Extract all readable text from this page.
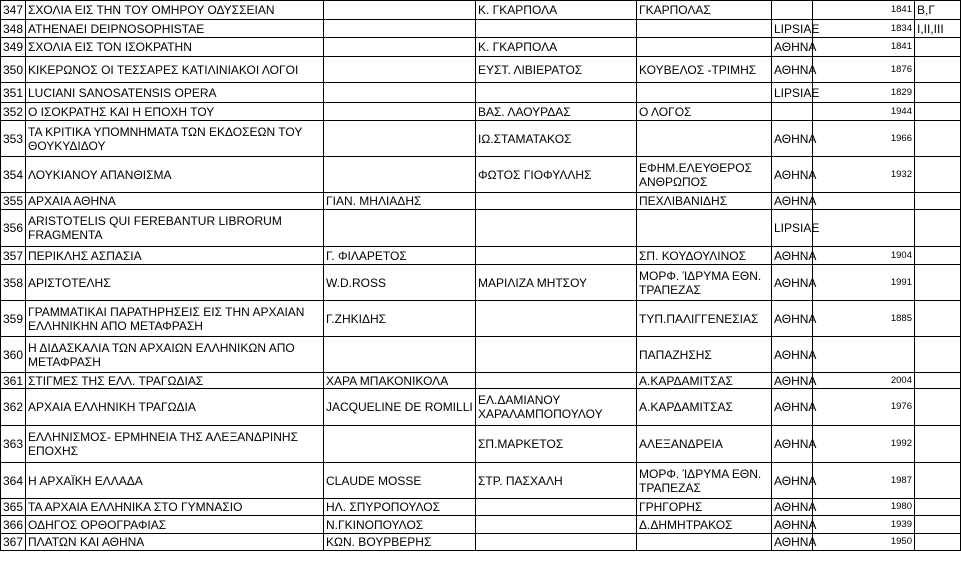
347	ΣΧΟΛΙΑ ΕΙΣ ΤΗΝ ΤΟΥ ΟΜΗΡΟΥ ΟΔΥΣΣΕΙΑΝ		Κ. ΓΚΑΡΠΟΛΑ	ΓΚΑΡΠΟΛΑΣ		1841	Β,Γ
348	ATHENAEI DEIPNOSOPHISTAE				LIPSIAE	1834	I,II,III
349	ΣΧΟΛΙΑ ΕΙΣ ΤΟΝ ΙΣΟΚΡΑΤΗΝ		Κ. ΓΚΑΡΠΟΛΑ		ΑΘΗΝΑ	1841	
350	ΚΙΚΕΡΩΝΟΣ ΟΙ ΤΕΣΣΑΡΕΣ ΚΑΤΙΛΙΝΙΑΚΟΙ ΛΟΓΟΙ		ΕΥΣΤ. ΛΙΒΙΕΡΑΤΟΣ	ΚΟΥΒΕΛΟΣ -ΤΡΙΜΗΣ	ΑΘΗΝΑ	1876	
351	LUCIANI SANOSATENSIS OPERA				LIPSIAE	1829	
352	Ο ΙΣΟΚΡΑΤΗΣ ΚΑΙ Η ΕΠΟΧΗ ΤΟΥ		ΒΑΣ. ΛΑΟΥΡΔΑΣ	Ο ΛΟΓΟΣ		1944	
353	ΤΑ ΚΡΙΤΙΚΑ ΥΠΟΜΝΗΜΑΤΑ ΤΩΝ ΕΚΔΟΣΕΩΝ ΤΟΥ ΘΟΥΚΥΔΙΔΟΥ		ΙΩ.ΣΤΑΜΑΤΑΚΟΣ		ΑΘΗΝΑ	1966	
354	ΛΟΥΚΙΑΝΟΥ ΑΠΑΝΘΙΣΜΑ		ΦΩΤΟΣ ΓΙΟΦΥΛΛΗΣ	ΕΦΗΜ.ΕΛΕΥΘΕΡΟΣ ΑΝΘΡΩΠΟΣ	ΑΘΗΝΑ	1932	
355	ΑΡΧΑΙΑ ΑΘΗΝΑ	ΓΙΑΝ. ΜΗΛΙΑΔΗΣ		ΠΕΧΛΙΒΑΝΙΔΗΣ	ΑΘΗΝΑ		
356	ARISTOTELIS QUI FEREBANTUR LIBRORUM FRAGMENTA				LIPSIAE		
357	ΠΕΡΙΚΛΗΣ ΑΣΠΑΣΙΑ	Γ. ΦΙΛΑΡΕΤΟΣ		ΣΠ. ΚΟΥΔΟΥΛΙΝΟΣ	ΑΘΗΝΑ	1904	
358	ΑΡΙΣΤΟΤΕΛΗΣ	W.D.ROSS	ΜΑΡΙΛΙΖΑ ΜΗΤΣΟΥ	ΜΟΡΦ. ΊΔΡΥΜΑ ΕΘΝ. ΤΡΑΠΕΖΑΣ	ΑΘΗΝΑ	1991	
359	ΓΡΑΜΜΑΤΙΚΑΙ ΠΑΡΑΤΗΡΗΣΕΙΣ ΕΙΣ ΤΗΝ ΑΡΧΑΙΑΝ ΕΛΛΗΝΙΚΗΝ ΑΠΟ ΜΕΤΑΦΡΑΣΗ	Γ.ΖΗΚΙΔΗΣ		ΤΥΠ.ΠΑΛΙΓΓΕΝΕΣΙΑΣ	ΑΘΗΝΑ	1885	
360	Η ΔΙΔΑΣΚΑΛΙΑ ΤΩΝ ΑΡΧΑΙΩΝ ΕΛΛΗΝΙΚΩΝ ΑΠΟ ΜΕΤΑΦΡΑΣΗ			ΠΑΠΑΖΗΣΗΣ	ΑΘΗΝΑ		
361	ΣΤΙΓΜΕΣ ΤΗΣ ΕΛΛ. ΤΡΑΓΩΔΙΑΣ	ΧΑΡΑ ΜΠΑΚΟΝΙΚΟΛΑ		Α.ΚΑΡΔΑΜΙΤΣΑΣ	ΑΘΗΝΑ	2004	
362	ΑΡΧΑΙΑ ΕΛΛΗΝΙΚΗ ΤΡΑΓΩΔΙΑ	JACQUELINE DE ROMILLI	ΕΛ.ΔΑΜΙΑΝΟΥ ΧΑΡΑΛΑΜΠΟΠΟΥΛΟΥ	Α.ΚΑΡΔΑΜΙΤΣΑΣ	ΑΘΗΝΑ	1976	
363	ΕΛΛΗΝΙΣΜΟΣ- ΕΡΜΗΝΕΙΑ ΤΗΣ ΑΛΕΞΑΝΔΡΙΝΗΣ ΕΠΟΧΗΣ		ΣΠ.ΜΑΡΚΕΤΟΣ	ΑΛΕΞΑΝΔΡΕΙΑ	ΑΘΗΝΑ	1992	
364	Η ΑΡΧΑΪΚΗ ΕΛΛΑΔΑ	CLAUDE MOSSE	ΣΤΡ. ΠΑΣΧΑΛΗ	ΜΟΡΦ. ΊΔΡΥΜΑ ΕΘΝ. ΤΡΑΠΕΖΑΣ	ΑΘΗΝΑ	1987	
365	ΤΑ ΑΡΧΑΙΑ ΕΛΛΗΝΙΚΑ ΣΤΟ ΓΥΜΝΑΣΙΟ	ΗΛ. ΣΠΥΡΟΠΟΥΛΟΣ		ΓΡΗΓΟΡΗΣ	ΑΘΗΝΑ	1980	
366	ΟΔΗΓΟΣ ΟΡΘΟΓΡΑΦΙΑΣ	Ν.ΓΚΙΝΟΠΟΥΛΟΣ		Δ.ΔΗΜΗΤΡΑΚΟΣ	ΑΘΗΝΑ	1939	
367	ΠΛΑΤΩΝ ΚΑΙ ΑΘΗΝΑ	ΚΩΝ. ΒΟΥΡΒΕΡΗΣ			ΑΘΗΝΑ	1950	
